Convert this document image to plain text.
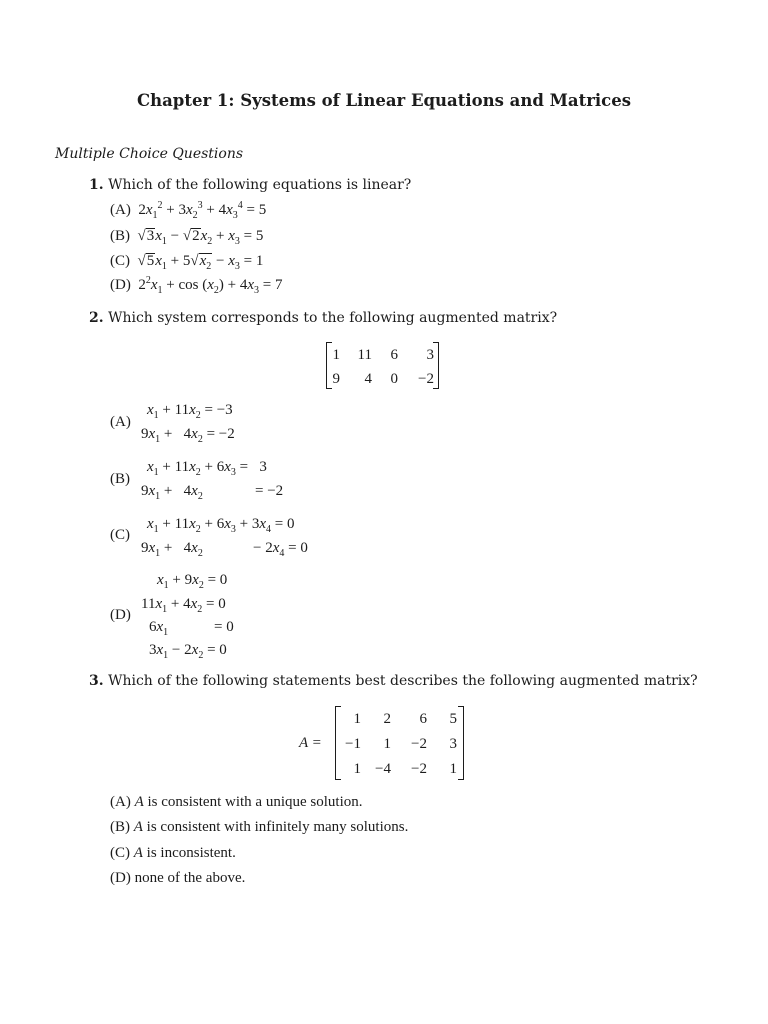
Chapter 1: Systems of Linear Equations and Matrices
Multiple Choice Questions
1. Which of the following equations is linear?
(A)  $2x_1^2 + 3x_2^3 + 4x_3^4 = 5$
(B) $√3x_1 - √2x_2 + x_3 = 5$
(C) $√5x_1 + 5√x_2 - x_3 = 1$
(D)  $2^2x_1 + \cos (x_2) + 4x_3 = 7$
2. Which system corresponds to the following augmented matrix?
1	11	6	3
9	4	0	−2
(A)
$x_1 + 11x_2 = -3$
$9x_1 + 4x_2 = -2$
(B)
$x_1 + 11x_2 + 6x_3 = 3$
$9x_1 + 4x_2$	= −2
(C)
$x_1 + 11x_2 + 6x_3 + 3x_4 = 0$
$9x_1 + 4x_2$	− $2x_4 = 0$
(D)
$x_1 + 9x_2 = 0$
$11x_1 + 4x_2 = 0$
$6x_1$	= 0
$3x_1 - 2x_2 = 0$
3. Which of the following statements best describes the following augmented matrix?
A =
1	2	6	5
−1	1	−2	3
1 −4	−2	1
(A) A is consistent with a unique solution.
(B) A is consistent with infinitely many solutions.
(C) A is inconsistent.
(D) none of the above.
